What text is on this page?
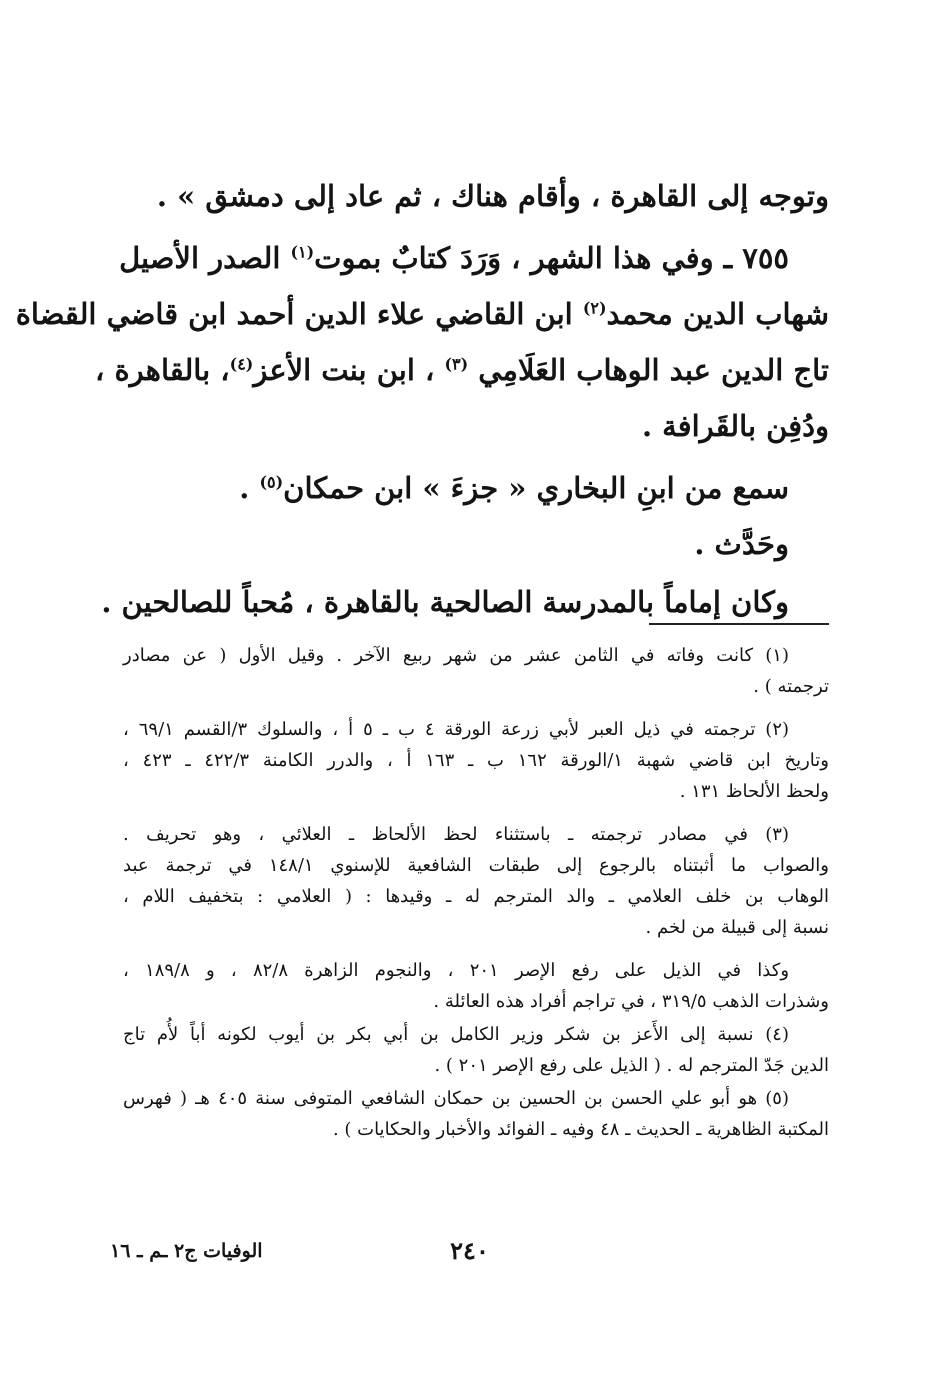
وتوجه إلى القاهرة ، وأقام هناك ، ثم عاد إلى دمشق » .
٧٥٥ ـ وفي هذا الشهر ، وَرَدَ كتابٌ بموت$^{(١)}$ الصدر الأصيل
شهاب الدين محمد$^{(٢)}$ ابن القاضي علاء الدين أحمد ابن قاضي القضاة
تاج الدين عبد الوهاب العَلَامِي $^{(٣)}$ ، ابن بنت الأعز$^{(٤)}$، بالقاهرة ،
ودُفِن بالقَرافة .
سمع من ابنِ البخاري « جزءَ » ابن حمكان$^{(٥)}$ .
وحَدَّث .
وكان إماماً بالمدرسة الصالحية بالقاهرة ، مُحباً للصالحين .
(١) كانت وفاته في الثامن عشر من شهر ربيع الآخر . وقيل الأول ( عن مصادر
ترجمته ) .
(٢) ترجمته في ذيل العبر لأبي زرعة الورقة ٤ ب ـ ٥ أ ، والسلوك ٣/القسم ٦٩/١ ،
وتاريخ ابن قاضي شهبة ١/الورقة ١٦٢ ب ـ ١٦٣ أ ، والدرر الكامنة ٤٢٢/٣ ـ ٤٢٣ ،
ولحظ الألحاظ ١٣١ .
(٣) في مصادر ترجمته ـ باستثناء لحظ الألحاظ ـ العلائي ، وهو تحريف .
والصواب ما أثبتناه بالرجوع إلى طبقات الشافعية للإسنوي ١٤٨/١ في ترجمة عبد
الوهاب بن خلف العلامي ـ والد المترجم له ـ وقيدها : ( العلامي : بتخفيف اللام ،
نسبة إلى قبيلة من لخم .
وكذا في الذيل على رفع الإصر ٢٠١ ، والنجوم الزاهرة ٨٢/٨ ، و ١٨٩/٨ ،
وشذرات الذهب ٣١٩/٥ ، في تراجم أفراد هذه العائلة .
(٤) نسبة إلى الأَعز بن شكر وزير الكامل بن أبي بكر بن أيوب لكونه أباً لأُم تاج
الدين جَدّ المترجم له . ( الذيل على رفع الإصر ٢٠١ ) .
(٥) هو أبو علي الحسن بن الحسين بن حمكان الشافعي المتوفى سنة ٤٠٥ هـ ( فهرس
المكتبة الظاهرية ـ الحديث ـ ٤٨ وفيه ـ الفوائد والأخبار والحكايات ) .
٢٤٠
الوفيات ج٢ ـم ـ ١٦
